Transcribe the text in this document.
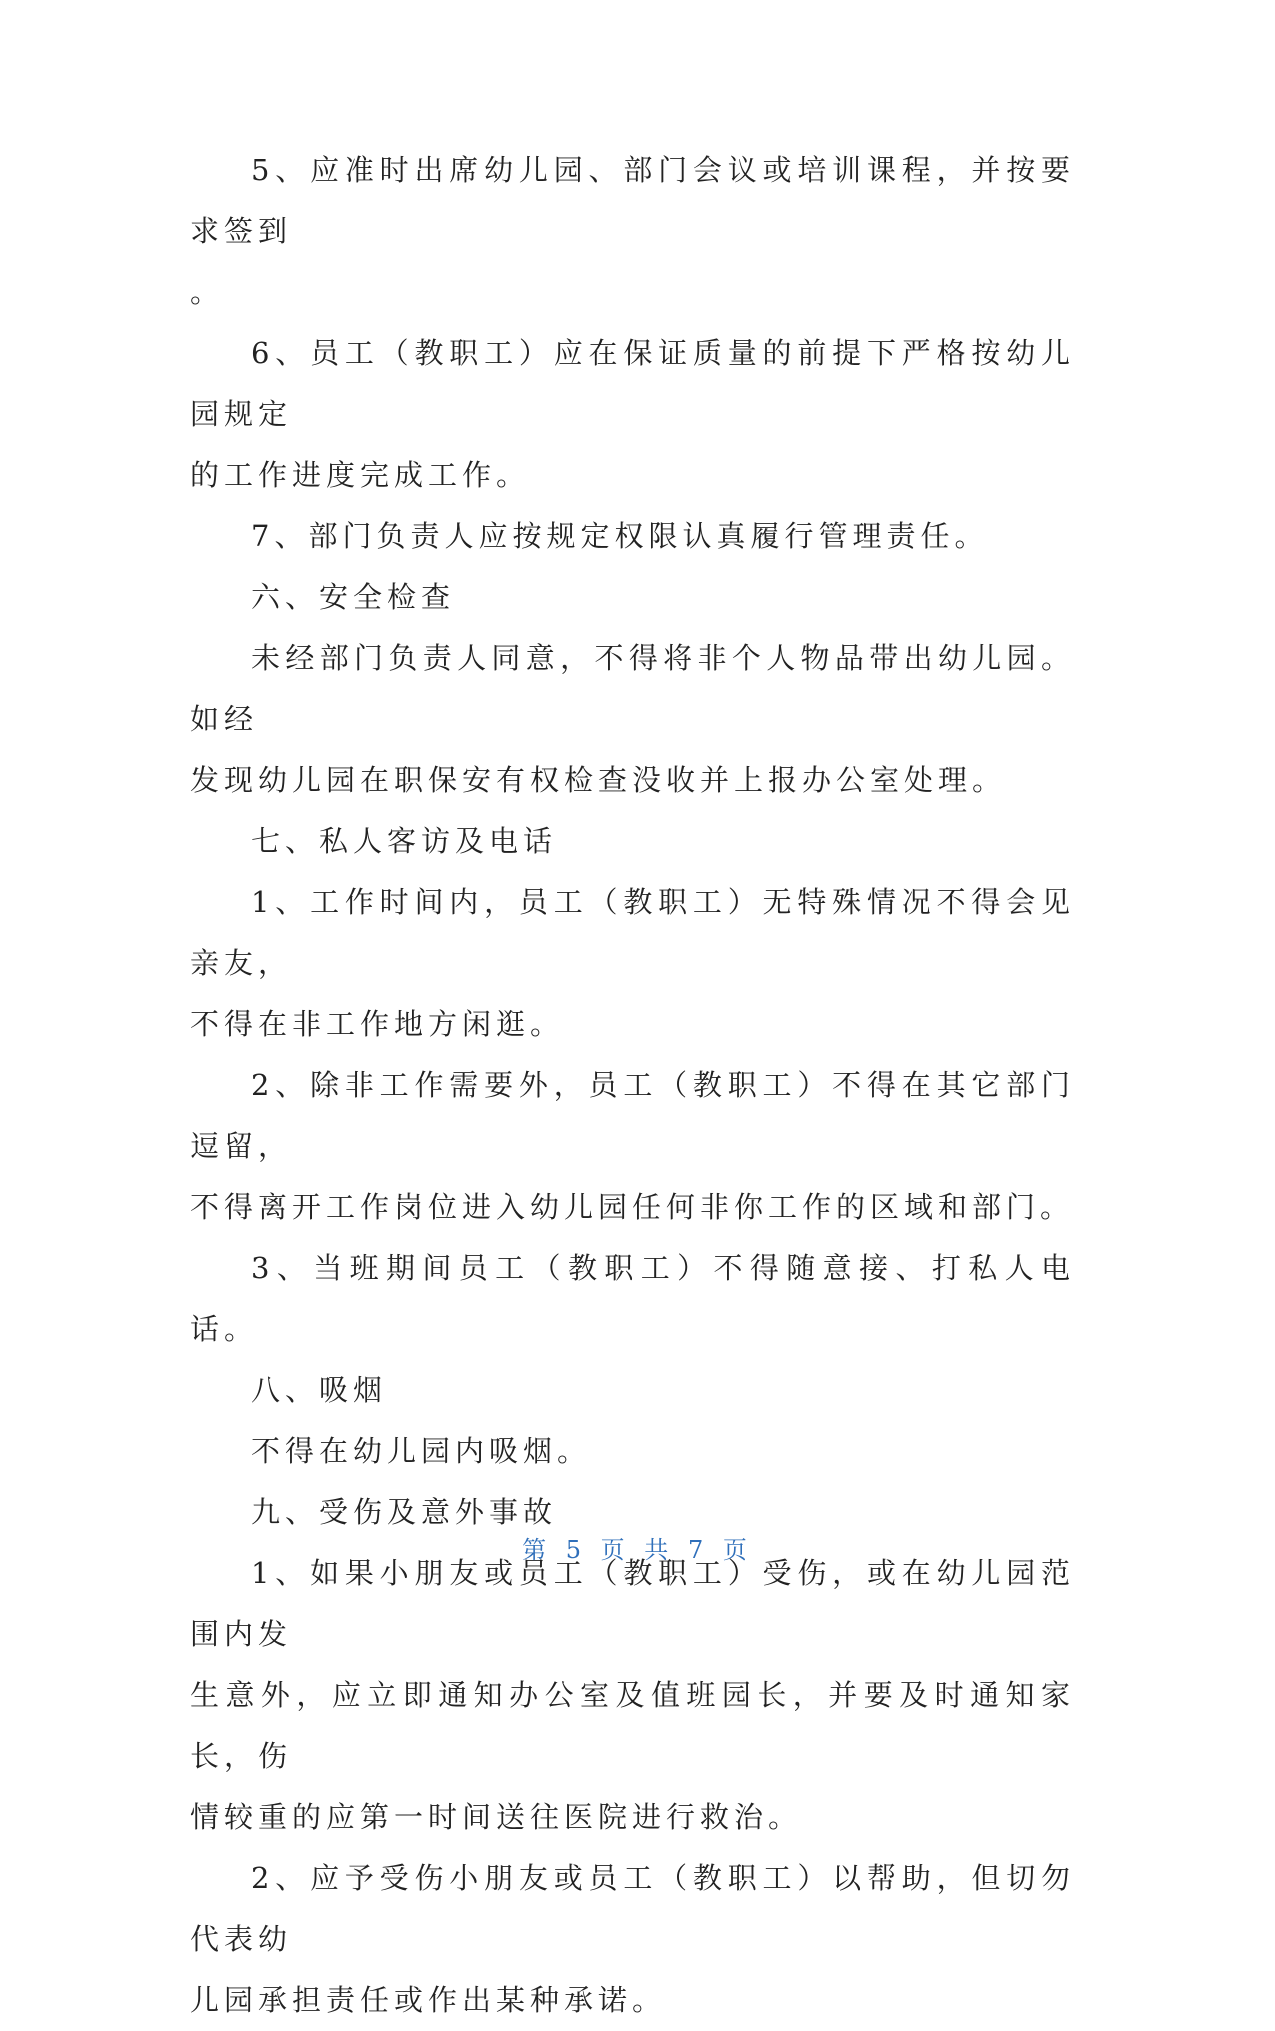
5、应准时出席幼儿园、部门会议或培训课程，并按要求签到
。

6、员工（教职工）应在保证质量的前提下严格按幼儿园规定
的工作进度完成工作。

7、部门负责人应按规定权限认真履行管理责任。

六、安全检查

未经部门负责人同意，不得将非个人物品带出幼儿园。如经
发现幼儿园在职保安有权检查没收并上报办公室处理。

七、私人客访及电话

1、工作时间内，员工（教职工）无特殊情况不得会见亲友，
不得在非工作地方闲逛。

2、除非工作需要外，员工（教职工）不得在其它部门逗留，
不得离开工作岗位进入幼儿园任何非你工作的区域和部门。

3、当班期间员工（教职工）不得随意接、打私人电话。

八、吸烟

不得在幼儿园内吸烟。

九、受伤及意外事故

1、如果小朋友或员工（教职工）受伤，或在幼儿园范围内发
生意外，应立即通知办公室及值班园长，并要及时通知家长，伤
情较重的应第一时间送往医院进行救治。

2、应予受伤小朋友或员工（教职工）以帮助，但切勿代表幼
儿园承担责任或作出某种承诺。

第 5 页 共 7 页
